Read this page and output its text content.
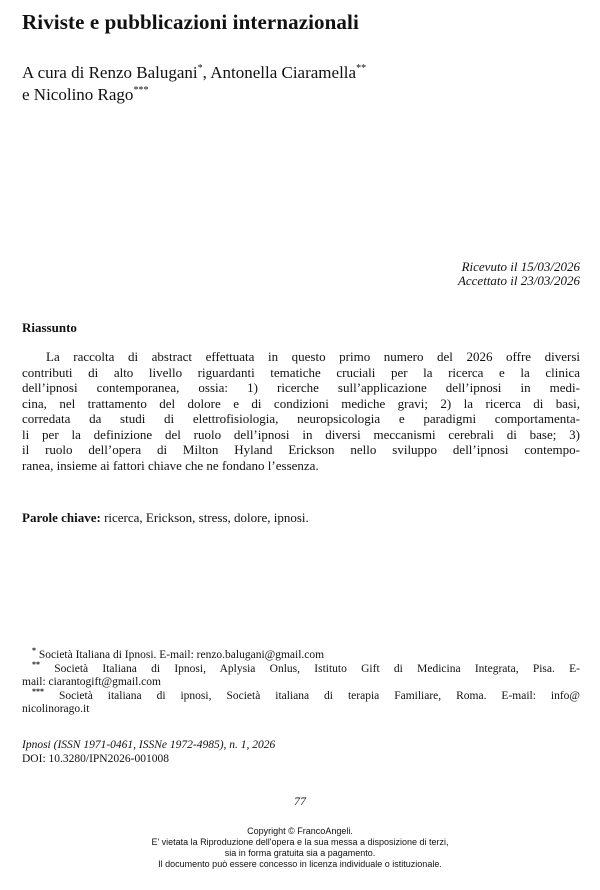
Riviste e pubblicazioni internazionali
A cura di Renzo Balugani*, Antonella Ciaramella**
e Nicolino Rago***
Ricevuto il 15/03/2026
Accettato il 23/03/2026
Riassunto
La raccolta di abstract effettuata in questo primo numero del 2026 offre diversi
contributi di alto livello riguardanti tematiche cruciali per la ricerca e la clinica
dell’ipnosi contemporanea, ossia: 1) ricerche sull’applicazione dell’ipnosi in medi-
cina, nel trattamento del dolore e di condizioni mediche gravi; 2) la ricerca di basi,
corredata da studi di elettrofisiologia, neuropsicologia e paradigmi comportamenta-
li per la definizione del ruolo dell’ipnosi in diversi meccanismi cerebrali di base; 3)
il ruolo dell’opera di Milton Hyland Erickson nello sviluppo dell’ipnosi contempo-
ranea, insieme ai fattori chiave che ne fondano l’essenza.
Parole chiave: ricerca, Erickson, stress, dolore, ipnosi.
* Società Italiana di Ipnosi. E-mail: renzo.balugani@gmail.com
** Società Italiana di Ipnosi, Aplysia Onlus, Istituto Gift di Medicina Integrata, Pisa. E-
mail: ciarantogift@gmail.com
*** Società italiana di ipnosi, Società italiana di terapia Familiare, Roma. E-mail: info@
nicolinorago.it
Ipnosi (ISSN 1971-0461, ISSNe 1972-4985), n. 1, 2026
DOI: 10.3280/IPN2026-001008
77
Copyright © FrancoAngeli.
E' vietata la Riproduzione dell'opera e la sua messa a disposizione di terzi,
sia in forma gratuita sia a pagamento.
Il documento può essere concesso in licenza individuale o istituzionale.
